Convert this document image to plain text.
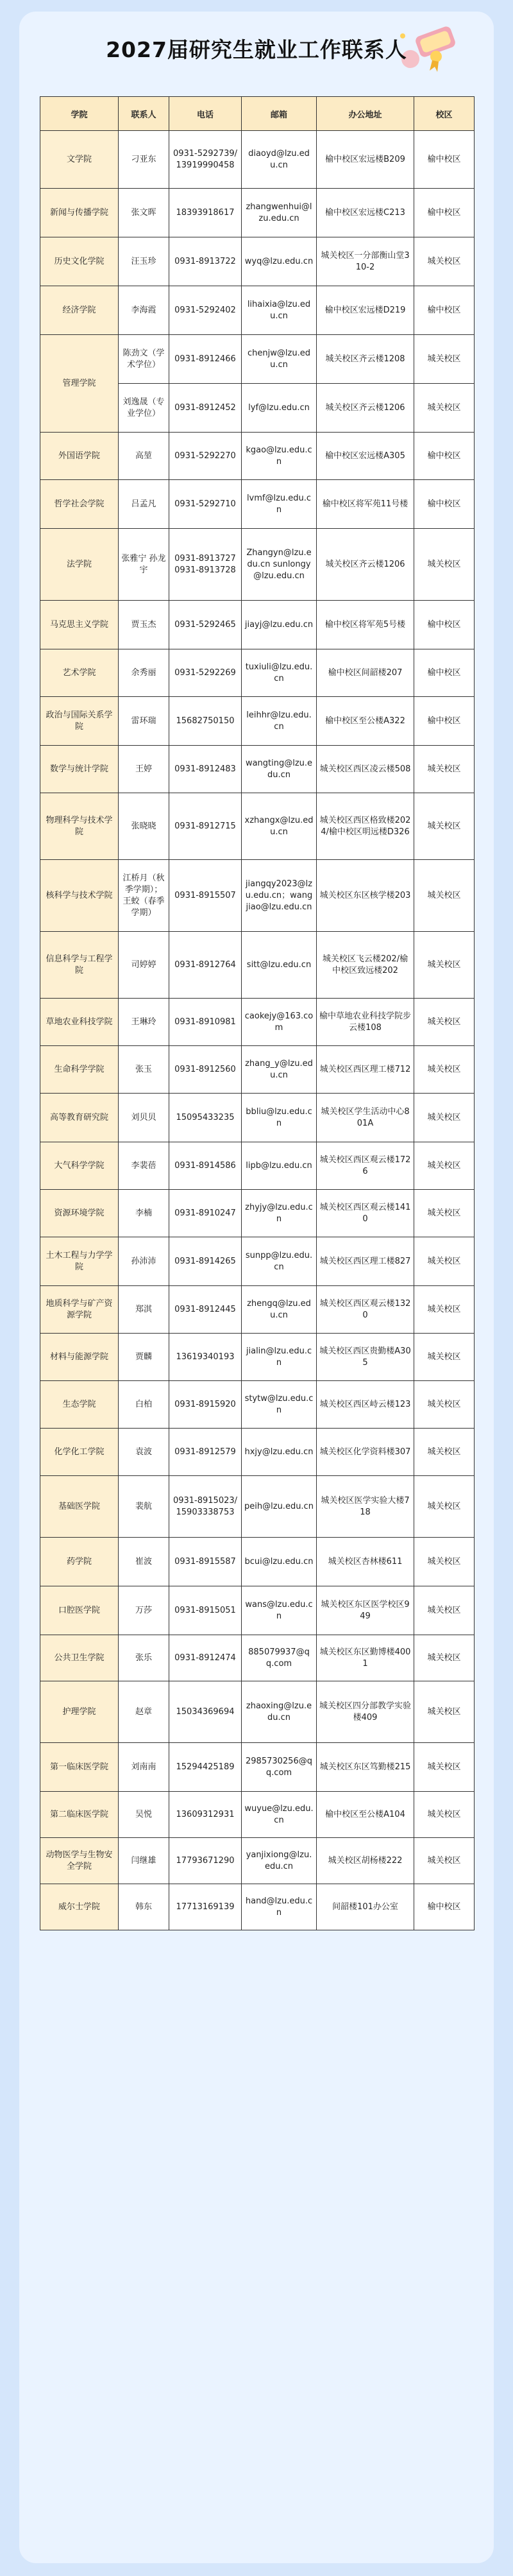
2027届研究生就业工作联系人
学院	联系人	电话	邮箱	办公地址	校区
文学院	刁亚东	0931-5292739/13919990458	diaoyd@lzu.edu.cn	榆中校区宏远楼B209	榆中校区
新闻与传播学院	张文晖	18393918617	zhangwenhui@lzu.edu.cn	榆中校区宏远楼C213	榆中校区
历史文化学院	汪玉珍	0931-8913722	wyq@lzu.edu.cn	城关校区一分部衡山堂310-2	城关校区
经济学院	李海霞	0931-5292402	lihaixia@lzu.edu.cn	榆中校区宏远楼D219	榆中校区
管理学院	陈劲文（学术学位）	0931-8912466	chenjw@lzu.edu.cn	城关校区齐云楼1208	城关校区
	刘逸晟（专业学位）	0931-8912452	lyf@lzu.edu.cn	城关校区齐云楼1206	城关校区
外国语学院	高堃	0931-5292270	kgao@lzu.edu.cn	榆中校区宏远楼A305	榆中校区
哲学社会学院	吕孟凡	0931-5292710	lvmf@lzu.edu.cn	榆中校区将军苑11号楼	榆中校区
法学院	张雅宁 孙龙宇	0931-8913727 0931-8913728	Zhangyn@lzu.edu.cn sunlongy@lzu.edu.cn	城关校区齐云楼1206	城关校区
马克思主义学院	贾玉杰	0931-5292465	jiayj@lzu.edu.cn	榆中校区将军苑5号楼	榆中校区
艺术学院	余秀丽	0931-5292269	tuxiuli@lzu.edu.cn	榆中校区间韶楼207	榆中校区
政治与国际关系学院	雷环瑞	15682750150	leihhr@lzu.edu.cn	榆中校区至公楼A322	榆中校区
数学与统计学院	王婷	0931-8912483	wangting@lzu.edu.cn	城关校区西区凌云楼508	城关校区
物理科学与技术学院	张晓晓	0931-8912715	xzhangx@lzu.edu.cn	城关校区西区格致楼2024/榆中校区明远楼D326	城关校区
核科学与技术学院	江桥月（秋季学期）；王蛟（春季学期）	0931-8915507	jiangqy2023@lzu.edu.cn；wangjiao@lzu.edu.cn	城关校区东区核学楼203	城关校区
信息科学与工程学院	司婷婷	0931-8912764	sitt@lzu.edu.cn	城关校区飞云楼202/榆中校区致远楼202	城关校区
草地农业科技学院	王琳玲	0931-8910981	caokejy@163.com	榆中草地农业科技学院步云楼108	城关校区
生命科学学院	张玉	0931-8912560	zhang_y@lzu.edu.cn	城关校区西区理工楼712	城关校区
高等教育研究院	刘贝贝	15095433235	bbliu@lzu.edu.cn	城关校区学生活动中心801A	城关校区
大气科学学院	李裴蓓	0931-8914586	lipb@lzu.edu.cn	城关校区西区观云楼1726	城关校区
资源环境学院	李楠	0931-8910247	zhyjy@lzu.edu.cn	城关校区西区观云楼1410	城关校区
土木工程与力学学院	孙沛沛	0931-8914265	sunpp@lzu.edu.cn	城关校区西区理工楼827	城关校区
地质科学与矿产资源学院	郑淇	0931-8912445	zhengq@lzu.edu.cn	城关校区西区观云楼1320	城关校区
材料与能源学院	贾麟	13619340193	jialin@lzu.edu.cn	城关校区西区贵勤楼A305	城关校区
生态学院	白柏	0931-8915920	stytw@lzu.edu.cn	城关校区西区峙云楼123	城关校区
化学化工学院	袁波	0931-8912579	hxjy@lzu.edu.cn	城关校区化学资料楼307	城关校区
基础医学院	裴航	0931-8915023/15903338753	peih@lzu.edu.cn	城关校区医学实验大楼718	城关校区
药学院	崔波	0931-8915587	bcui@lzu.edu.cn	城关校区杏林楼611	城关校区
口腔医学院	万莎	0931-8915051	wans@lzu.edu.cn	城关校区东区医学校区949	城关校区
公共卫生学院	张乐	0931-8912474	885079937@qq.com	城关校区东区勤博楼4001	城关校区
护理学院	赵章	15034369694	zhaoxing@lzu.edu.cn	城关校区四分部教学实验楼409	城关校区
第一临床医学院	刘南南	15294425189	2985730256@qq.com	城关校区东区笃勤楼215	城关校区
第二临床医学院	吴悦	13609312931	wuyue@lzu.edu.cn	榆中校区至公楼A104	城关校区
动物医学与生物安全学院	闫继雄	17793671290	yanjixiong@lzu.edu.cn	城关校区胡杨楼222	城关校区
威尔士学院	韩东	17713169139	hand@lzu.edu.cn	间韶楼101办公室	榆中校区
